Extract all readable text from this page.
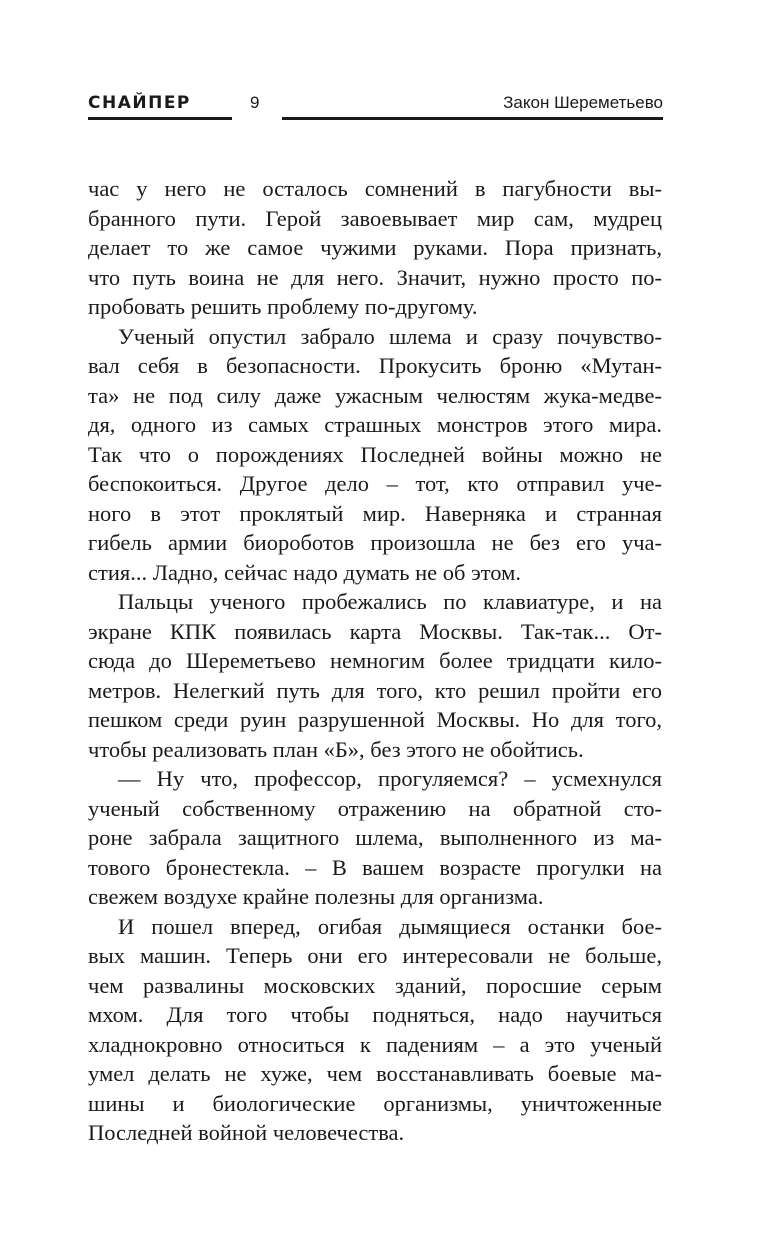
СНАЙПЕР	9	Закон Шереметьево

час у него не осталось сомнений в пагубности вы-

бранного пути. Герой завоевывает мир сам, мудрец

делает то же самое чужими руками. Пора признать,

что путь воина не для него. Значит, нужно просто по-

пробовать решить проблему по-другому.

Ученый опустил забрало шлема и сразу почувство-

вал себя в безопасности. Прокусить броню «Мутан-

та» не под силу даже ужасным челюстям жука-медве-

дя, одного из самых страшных монстров этого мира.

Так что о порождениях Последней войны можно не

беспокоиться. Другое дело – тот, кто отправил уче-

ного в этот проклятый мир. Наверняка и странная

гибель армии биороботов произошла не без его уча-

стия... Ладно, сейчас надо думать не об этом.

Пальцы ученого пробежались по клавиатуре, и на

экране КПК появилась карта Москвы. Так-так... От-

сюда до Шереметьево немногим более тридцати кило-

метров. Нелегкий путь для того, кто решил пройти его

пешком среди руин разрушенной Москвы. Но для того,

чтобы реализовать план «Б», без этого не обойтись.

— Ну что, профессор, прогуляемся? – усмехнулся

ученый собственному отражению на обратной сто-

роне забрала защитного шлема, выполненного из ма-

тового бронестекла. – В вашем возрасте прогулки на

свежем воздухе крайне полезны для организма.

И пошел вперед, огибая дымящиеся останки бое-

вых машин. Теперь они его интересовали не больше,

чем развалины московских зданий, поросшие серым

мхом. Для того чтобы подняться, надо научиться

хладнокровно относиться к падениям – а это ученый

умел делать не хуже, чем восстанавливать боевые ма-

шины и биологические организмы, уничтоженные

Последней войной человечества.
